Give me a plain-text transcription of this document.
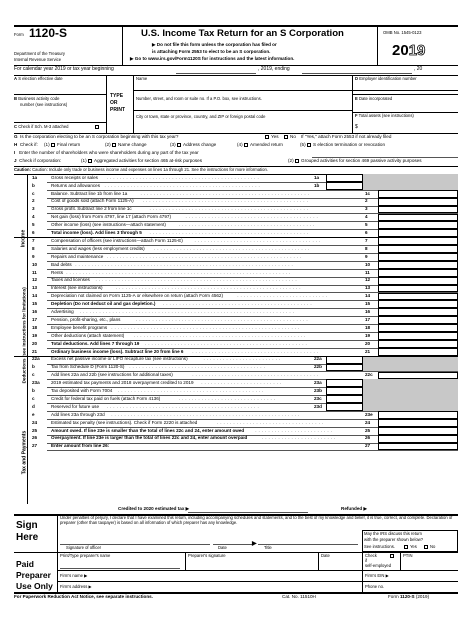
Form 1120-S
Department of the Treasury
Internal Revenue Service
U.S. Income Tax Return for an S Corporation
▶ Do not file this form unless the corporation has filed or
is attaching Form 2553 to elect to be an S corporation.
▶ Go to www.irs.gov/Form1120S for instructions and the latest information.
OMB No. 1545-0123
2019
For calendar year 2019 or tax year beginning	, 2019, ending	, 20
A S election effective date
B Business activity code
number (see instructions)
C Check if Sch. M-3 attached
TYPE
OR
PRINT
Name
Number, street, and room or suite no. If a P.O. box, see instructions.
City or town, state or province, country, and ZIP or foreign postal code
D Employer identification number
E Date incorporated
F Total assets (see instructions)
$
G Is the corporation electing to be an S corporation beginning with this tax year?	Yes	No If "Yes," attach Form 2553 if not already filed
H Check if: (1) Final return	(2) Name change	(3) Address change	(4) Amended return	(5) S election termination or revocation
I Enter the number of shareholders who were shareholders during any part of the tax year
J Check if corporation:	(1) Aggregated activities for section 465 at-risk purposes	(2) Grouped activities for section 469 passive activity purposes
Caution: Caution: Include only trade or business income and expenses on lines 1a through 21. See the instructions for more information.
1a	Gross receipts or sales ...............................................	1a
b	Returns and allowances ................................................	1b
c	Balance. Subtract line 1b from line 1a	....................................................	1c
2	Cost of goods sold (attach Form 1125-A) ...................................................	2
3	Gross profit. Subtract line 2 from line 1c	.................................................	3
4	Net gain (loss) from Form 4797, line 17 (attach Form 4797)	.........................................	4
5	Other income (loss) (see instructions—attach statement)	..........................................	5
6	Total income (loss). Add lines 3 through 5 .................................................	6
7	Compensation of officers (see instructions—attach Form 1125-E)	.......................................	7
8	Salaries and wages (less employment credits) ................................................	8
9	Repairs and maintenance ............................................................	9
10	Bad debts ...................................................................	10
11	Rents .....................................................................	11
12	Taxes and licenses ..............................................................	12
13	Interest (see instructions)	.........................................................	13
14	Depreciation not claimed on Form 1125-A or elsewhere on return (attach Form 4562)	............................	14
15	Depletion (Do not deduct oil and gas depletion.) ..............................................	15
16	Advertising ..................................................................	16
17	Pension, profit-sharing, etc., plans	.....................................................	17
18	Employee benefit programs ..........................................................	18
19	Other deductions (attach statement) .....................................................	19
20	Total deductions. Add lines 7 through 19 ..................................................	20
21	Ordinary business income (loss). Subtract line 20 from line 6 .......................................	21
22a Excess net passive income or LIFO recapture tax (see instructions)	........................	22a
b	Tax from Schedule D (Form 1120-S) ..........................................	22b
c	Add lines 22a and 22b (see instructions for additional taxes)	.......................................	22c
23a 2019 estimated tax payments and 2018 overpayment credited to 2019 .........................	23a
b	Tax deposited with Form 7004 .............................................	23b
c	Credit for federal tax paid on fuels (attach Form 4136)	..............................	23c
d	Reserved for future use ...............................................	23d
e	Add lines 23a through 23d ..........................................................	23e
24	Estimated tax penalty (see instructions). Check if Form 2220 is attached	.................................	24
25	Amount owed. If line 23e is smaller than the total of lines 22c and 24, enter amount owed ........................	25
26	Overpayment. If line 23e is larger than the total of lines 22c and 24, enter amount overpaid	.......................	26
27	Enter amount from line 26:	27
Income
Deductions (see instructions for limitations)
Tax and Payments
Credited to 2020 estimated tax ▶	Refunded ▶
Sign
Here
Under penalties of perjury, I declare that I have examined this return, including accompanying schedules and statements, and to the best of my knowledge and belief, it is true, correct, and complete. Declaration of preparer (other than taxpayer) is based on all information of which preparer has any knowledge.
Signature of officer	Date	Title
▶
May the IRS discuss this return
with the preparer shown below?
See instructions.	Yes	No
Paid
Preparer
Use Only
Print/Type preparer's name	Preparer's signature	Date	Check
if
self-employed
PTIN
Firm's name ▶	Firm's EIN ▶
Firm's address ▶	Phone no.
For Paperwork Reduction Act Notice, see separate instructions.	Cat. No. 11510H	Form 1120-S (2019)
